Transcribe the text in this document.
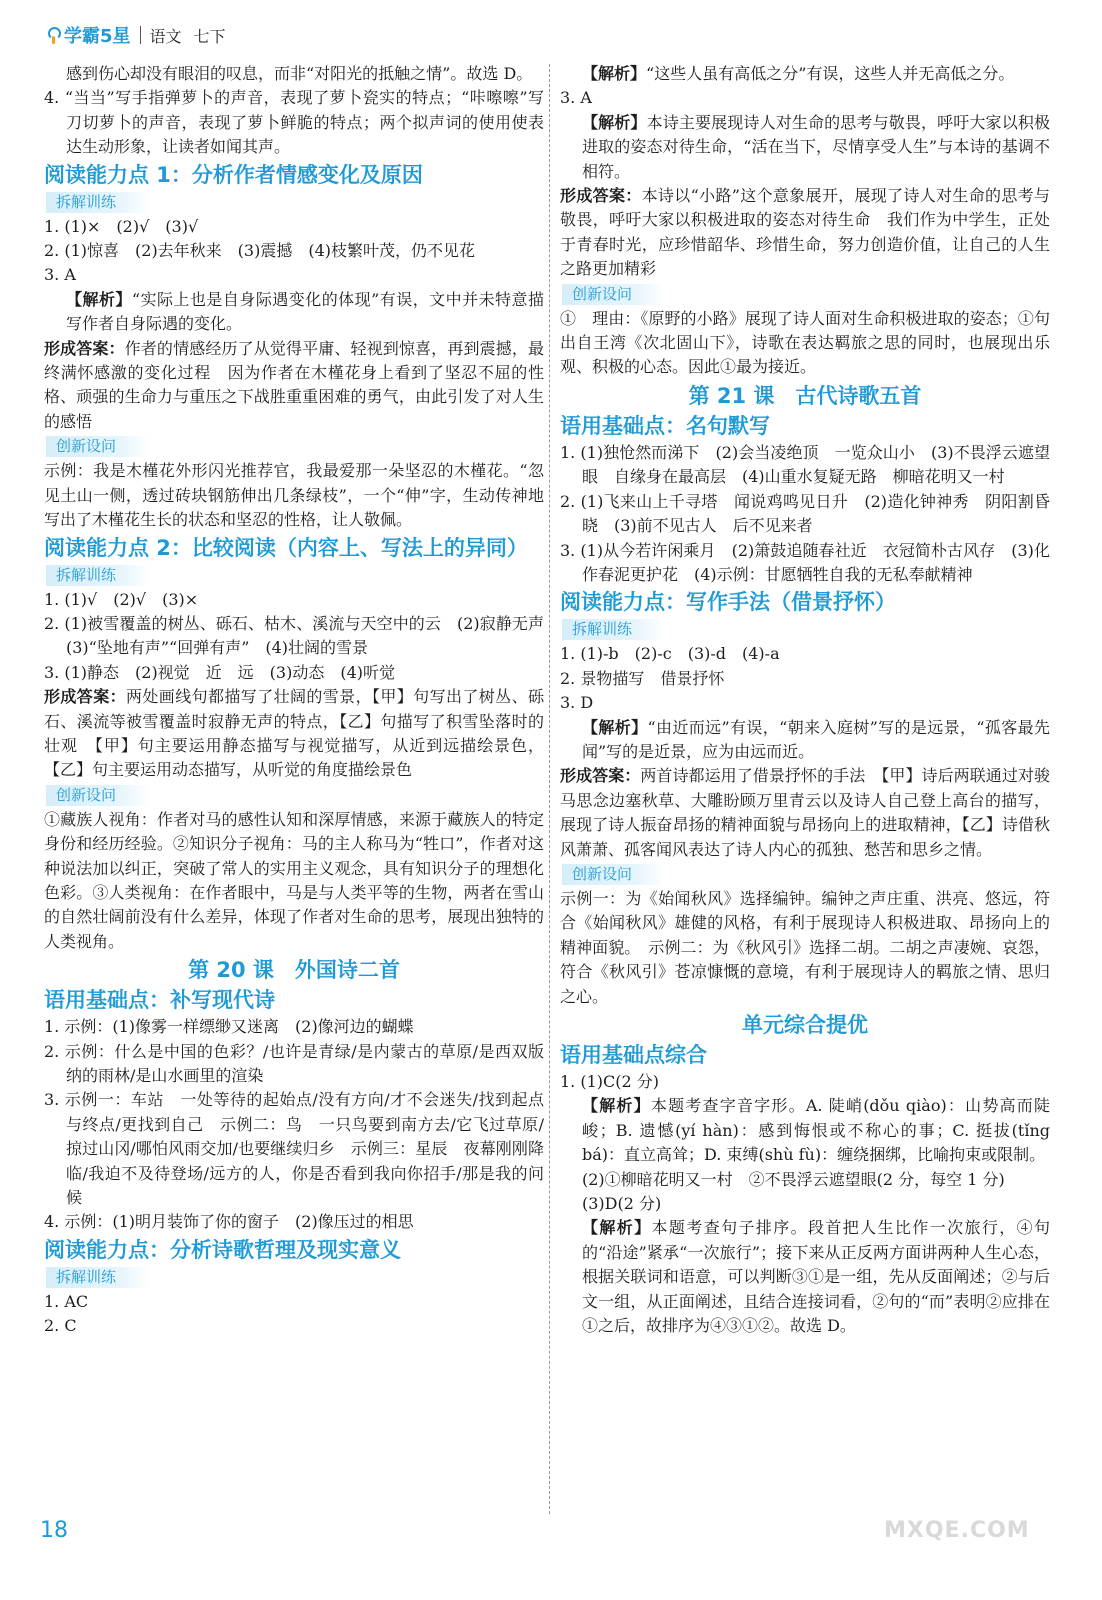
学霸5星 语文 七下

感到伤心却没有眼泪的叹息，而非“对阳光的抵触之情”。故选 D。

4. “当当”写手指弹萝卜的声音，表现了萝卜瓷实的特点；“咔嚓嚓”写刀切萝卜的声音，表现了萝卜鲜脆的特点；两个拟声词的使用使表达生动形象，让读者如闻其声。

阅读能力点 1：分析作者情感变化及原因
拆解训练

1. (1)×　(2)√　(3)√

2. (1)惊喜　(2)去年秋来　(3)震撼　(4)枝繁叶茂，仍不见花

3. A

【解析】“实际上也是自身际遇变化的体现”有误，文中并未特意描写作者自身际遇的变化。

形成答案：作者的情感经历了从觉得平庸、轻视到惊喜，再到震撼，最终满怀感激的变化过程　因为作者在木槿花身上看到了坚忍不屈的性格、顽强的生命力与重压之下战胜重重困难的勇气，由此引发了对人生的感悟

创新设问

示例：我是木槿花外形闪光推荐官，我最爱那一朵坚忍的木槿花。“忽见土山一侧，透过砖块钢筋伸出几条绿枝”，一个“伸”字，生动传神地写出了木槿花生长的状态和坚忍的性格，让人敬佩。

阅读能力点 2：比较阅读（内容上、写法上的异同）
拆解训练

1. (1)√　(2)√　(3)×

2. (1)被雪覆盖的树丛、砾石、枯木、溪流与天空中的云　(2)寂静无声　(3)“坠地有声”“回弹有声”　(4)壮阔的雪景

3. (1)静态　(2)视觉　近　远　(3)动态　(4)听觉

形成答案：两处画线句都描写了壮阔的雪景，【甲】句写出了树丛、砾石、溪流等被雪覆盖时寂静无声的特点，【乙】句描写了积雪坠落时的壮观　【甲】句主要运用静态描写与视觉描写，从近到远描绘景色，【乙】句主要运用动态描写，从听觉的角度描绘景色

创新设问

①藏族人视角：作者对马的感性认知和深厚情感，来源于藏族人的特定身份和经历经验。②知识分子视角：马的主人称马为“牲口”，作者对这种说法加以纠正，突破了常人的实用主义观念，具有知识分子的理想化色彩。③人类视角：在作者眼中，马是与人类平等的生物，两者在雪山的自然壮阔前没有什么差异，体现了作者对生命的思考，展现出独特的人类视角。

第 20 课　外国诗二首
语用基础点：补写现代诗

1. 示例：(1)像雾一样缥缈又迷离　(2)像河边的蝴蝶

2. 示例：什么是中国的色彩？/也许是青绿/是内蒙古的草原/是西双版纳的雨林/是山水画里的渲染

3. 示例一：车站　一处等待的起始点/没有方向/才不会迷失/找到起点与终点/更找到自己　示例二：鸟　一只鸟要到南方去/它飞过草原/掠过山冈/哪怕风雨交加/也要继续归乡　示例三：星辰　夜幕刚刚降临/我迫不及待登场/远方的人，你是否看到我向你招手/那是我的问候

4. 示例：(1)明月装饰了你的窗子　(2)像压过的相思

阅读能力点：分析诗歌哲理及现实意义
拆解训练

1. AC

2. C

【解析】“这些人虽有高低之分”有误，这些人并无高低之分。

3. A

【解析】本诗主要展现诗人对生命的思考与敬畏，呼吁大家以积极进取的姿态对待生命，“活在当下，尽情享受人生”与本诗的基调不相符。

形成答案：本诗以“小路”这个意象展开，展现了诗人对生命的思考与敬畏，呼吁大家以积极进取的姿态对待生命　我们作为中学生，正处于青春时光，应珍惜韶华、珍惜生命，努力创造价值，让自己的人生之路更加精彩

创新设问

①　理由：《原野的小路》展现了诗人面对生命积极进取的姿态；①句出自王湾《次北固山下》，诗歌在表达羁旅之思的同时，也展现出乐观、积极的心态。因此①最为接近。

第 21 课　古代诗歌五首
语用基础点：名句默写

1. (1)独怆然而涕下　(2)会当凌绝顶　一览众山小　(3)不畏浮云遮望眼　自缘身在最高层　(4)山重水复疑无路　柳暗花明又一村

2. (1)飞来山上千寻塔　闻说鸡鸣见日升　(2)造化钟神秀　阴阳割昏晓　(3)前不见古人　后不见来者

3. (1)从今若许闲乘月　(2)箫鼓追随春社近　衣冠简朴古风存　(3)化作春泥更护花　(4)示例：甘愿牺牲自我的无私奉献精神

阅读能力点：写作手法（借景抒怀）
拆解训练

1. (1)-b　(2)-c　(3)-d　(4)-a

2. 景物描写　借景抒怀

3. D

【解析】“由近而远”有误，“朝来入庭树”写的是远景，“孤客最先闻”写的是近景，应为由远而近。

形成答案：两首诗都运用了借景抒怀的手法　【甲】诗后两联通过对骏马思念边塞秋草、大雕盼顾万里青云以及诗人自己登上高台的描写，展现了诗人振奋昂扬的精神面貌与昂扬向上的进取精神，【乙】诗借秋风萧萧、孤客闻风表达了诗人内心的孤独、愁苦和思乡之情。

创新设问

示例一：为《始闻秋风》选择编钟。编钟之声庄重、洪亮、悠远，符合《始闻秋风》雄健的风格，有利于展现诗人积极进取、昂扬向上的精神面貌。　示例二：为《秋风引》选择二胡。二胡之声凄婉、哀怨，符合《秋风引》苍凉慷慨的意境，有利于展现诗人的羁旅之情、思归之心。

单元综合提优
语用基础点综合

1. (1)C(2 分)

【解析】本题考查字音字形。A. 陡峭(dǒu qiào)：山势高而陡峻；B. 遗憾(yí hàn)：感到悔恨或不称心的事；C. 挺拔(tǐng bá)：直立高耸；D. 束缚(shù fù)：缠绕捆绑，比喻拘束或限制。

(2)①柳暗花明又一村　②不畏浮云遮望眼(2 分，每空 1 分)

(3)D(2 分)

【解析】本题考查句子排序。段首把人生比作一次旅行，④句的“沿途”紧承“一次旅行”；接下来从正反两方面讲两种人生心态，根据关联词和语意，可以判断③①是一组，先从反面阐述；②与后文一组，从正面阐述，且结合连接词看，②句的“而”表明②应排在①之后，故排序为④③①②。故选 D。

18	MXQE.COM
